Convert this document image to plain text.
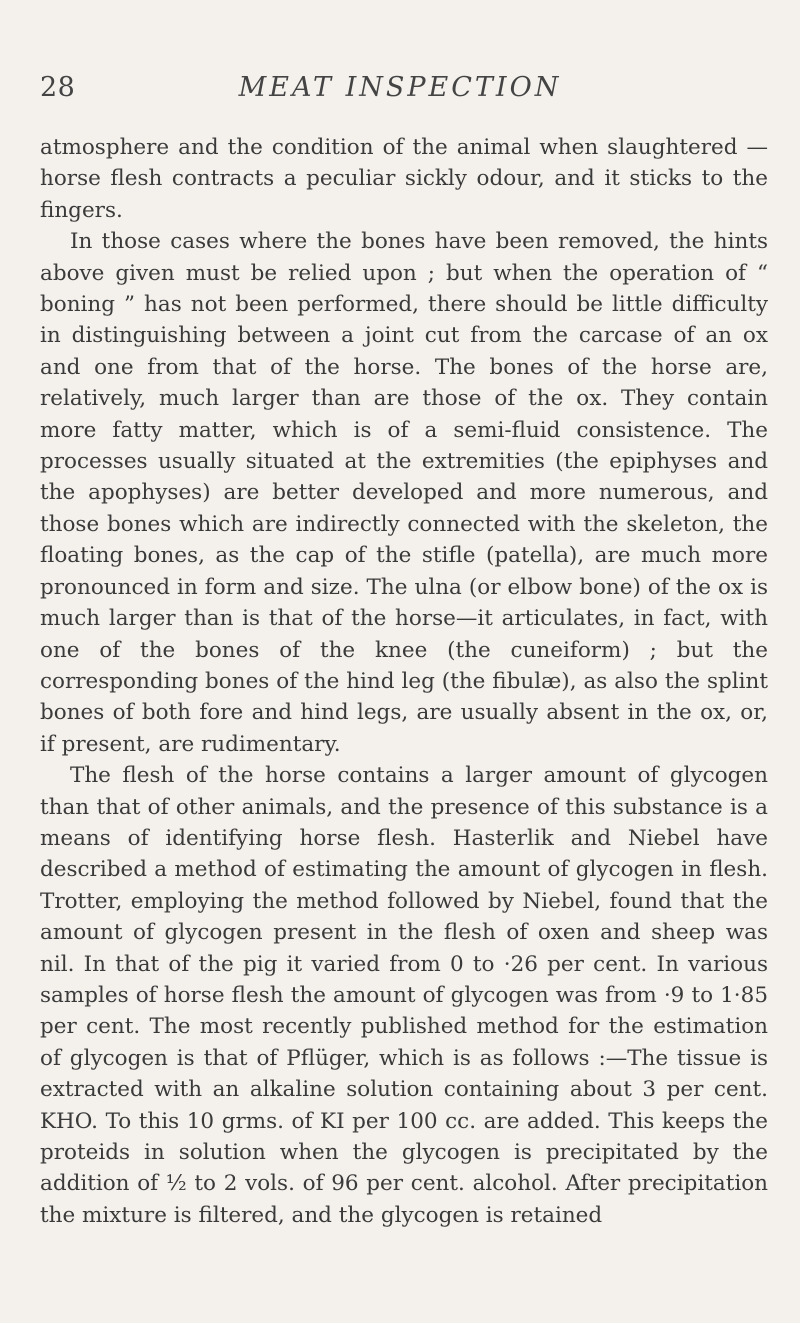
28	MEAT INSPECTION

atmosphere and the condition of the animal when slaughtered —horse flesh contracts a peculiar sickly odour, and it sticks to the fingers.

In those cases where the bones have been removed, the hints above given must be relied upon ; but when the operation of “ boning ” has not been performed, there should be little difficulty in distinguishing between a joint cut from the carcase of an ox and one from that of the horse. The bones of the horse are, relatively, much larger than are those of the ox. They contain more fatty matter, which is of a semi-fluid consistence. The processes usually situated at the extremities (the epiphyses and the apophyses) are better developed and more numerous, and those bones which are indirectly connected with the skeleton, the floating bones, as the cap of the stifle (patella), are much more pronounced in form and size. The ulna (or elbow bone) of the ox is much larger than is that of the horse—it articulates, in fact, with one of the bones of the knee (the cuneiform) ; but the corresponding bones of the hind leg (the fibulæ), as also the splint bones of both fore and hind legs, are usually absent in the ox, or, if present, are rudimentary.

The flesh of the horse contains a larger amount of glycogen than that of other animals, and the presence of this substance is a means of identifying horse flesh. Hasterlik and Niebel have described a method of estimating the amount of glycogen in flesh. Trotter, employing the method followed by Niebel, found that the amount of glycogen present in the flesh of oxen and sheep was nil. In that of the pig it varied from 0 to ·26 per cent. In various samples of horse flesh the amount of glycogen was from ·9 to 1·85 per cent. The most recently published method for the estimation of glycogen is that of Pflüger, which is as follows :—The tissue is extracted with an alkaline solution containing about 3 per cent. KHO. To this 10 grms. of KI per 100 cc. are added. This keeps the proteids in solution when the glycogen is precipitated by the addition of ½ to 2 vols. of 96 per cent. alcohol. After precipitation the mixture is filtered, and the glycogen is retained
